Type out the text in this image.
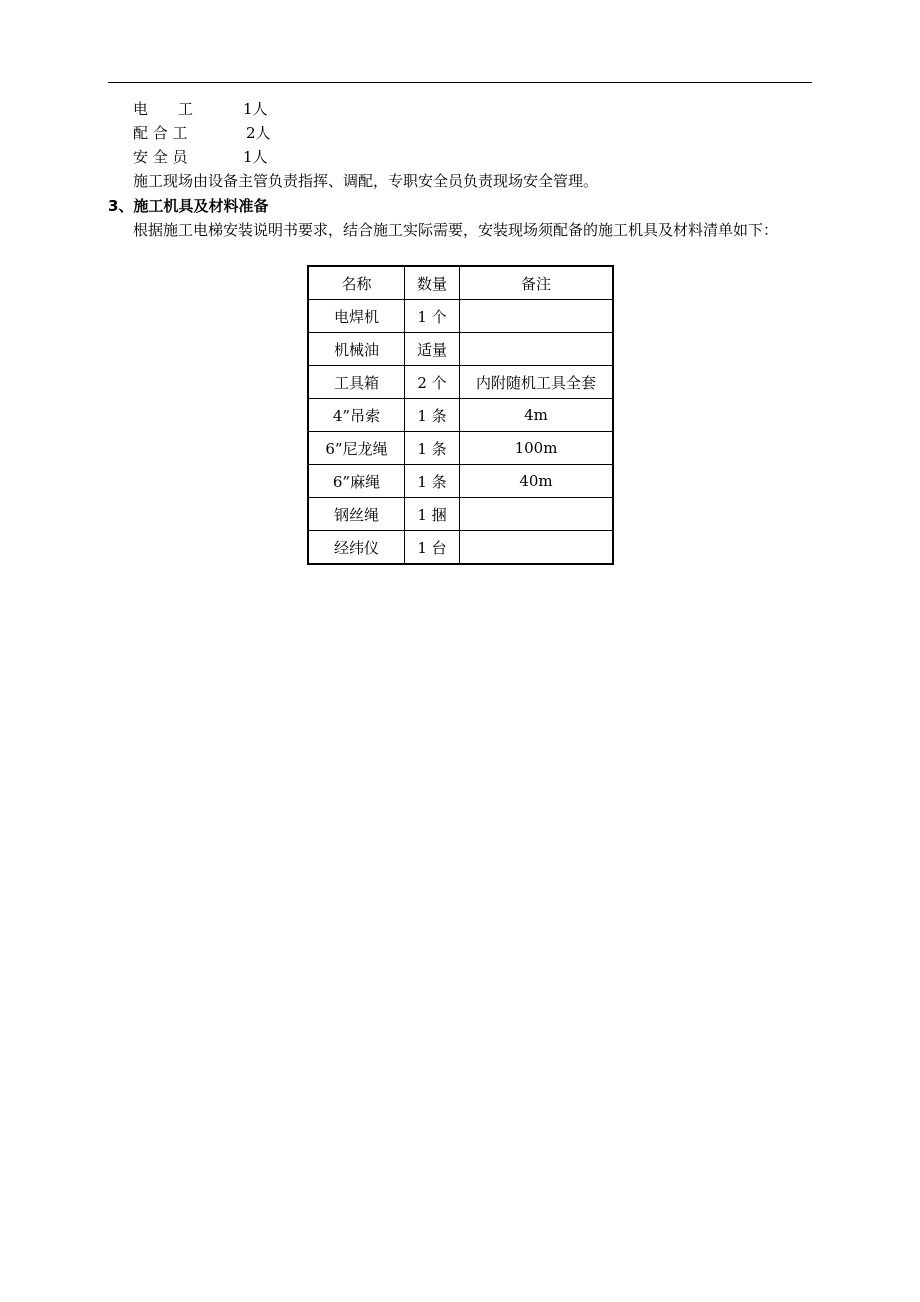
电　　工	1人
配 合 工	2人
安 全 员	1人
施工现场由设备主管负责指挥、调配，专职安全员负责现场安全管理。
3、施工机具及材料准备
根据施工电梯安装说明书要求，结合施工实际需要，安装现场须配备的施工机具及材料清单如下：
名称	数量	备注
电焊机	1 个	
机械油	适量	
工具箱	2 个	内附随机工具全套
4”吊索	1 条	4m
6”尼龙绳	1 条	100m
6”麻绳	1 条	40m
钢丝绳	1 捆	
经纬仪	1 台	
